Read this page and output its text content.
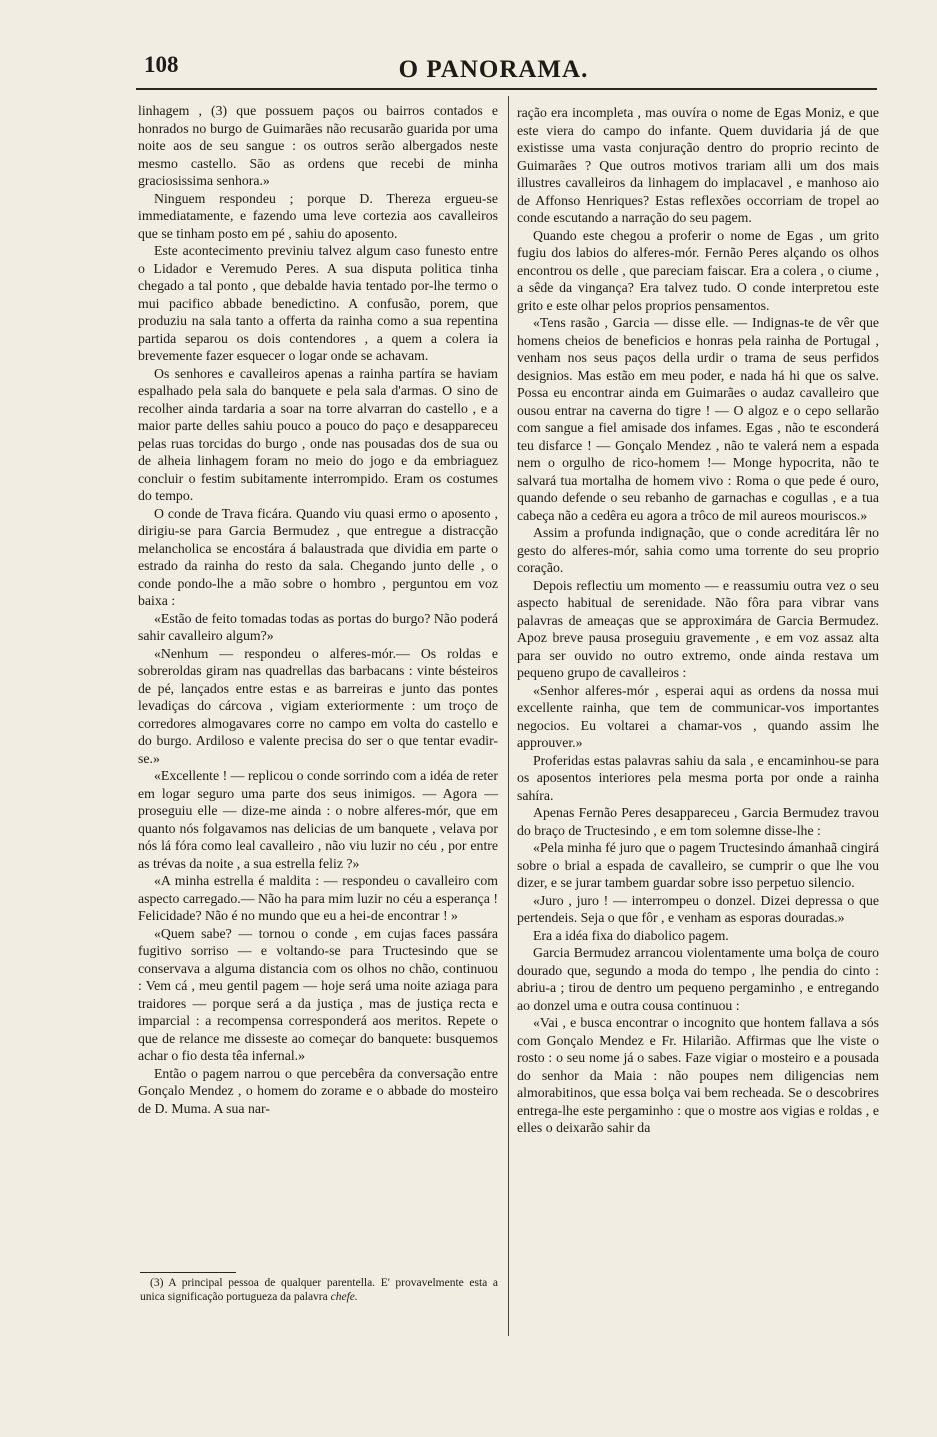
108	O PANORAMA.

linhagem , (3) que possuem paços ou bairros contados e honrados no burgo de Guimarães não recusarão guarida por uma noite aos de seu sangue : os outros serão albergados neste mesmo castello. Sāo as ordens que recebi de minha graciosissima senhora.»

Ninguem respondeu ; porque D. Thereza ergueu-se immediatamente, e fazendo uma leve cortezia aos cavalleiros que se tinham posto em pé , sahiu do aposento.

Este acontecimento previniu talvez algum caso funesto entre o Lidador e Veremudo Peres. A sua disputa politica tinha chegado a tal ponto , que debalde havia tentado por-lhe termo o mui pacifico abbade benedictino. A confusão, porem, que produziu na sala tanto a offerta da rainha como a sua repentina partida separou os dois contendores , a quem a colera ia brevemente fazer esquecer o logar onde se achavam.

Os senhores e cavalleiros apenas a rainha partíra se haviam espalhado pela sala do banquete e pela sala d'armas. O sino de recolher ainda tardaria a soar na torre alvarran do castello , e a maior parte delles sahiu pouco a pouco do paço e desappareceu pelas ruas torcidas do burgo , onde nas pousadas dos de sua ou de alheia linhagem foram no meio do jogo e da embriaguez concluir o festim subitamente interrompido. Eram os costumes do tempo.

O conde de Trava ficára. Quando viu quasi ermo o aposento , dirigiu-se para Garcia Bermudez , que entregue a distracção melancholica se encostára á balaustrada que dividia em parte o estrado da rainha do resto da sala. Chegando junto delle , o conde pondo-lhe a mão sobre o hombro , perguntou em voz baixa :

«Estão de feito tomadas todas as portas do burgo? Não poderá sahir cavalleiro algum?»

«Nenhum — respondeu o alferes-mór.— Os roldas e sobreroldas giram nas quadrellas das barbacans : vinte bésteiros de pé, lançados entre estas e as barreiras e junto das pontes levadiças do cárcova , vigiam exteriormente : um troço de corredores almogavares corre no campo em volta do castello e do burgo. Ardiloso e valente precisa do ser o que tentar evadir-se.»

«Excellente ! — replicou o conde sorrindo com a idéa de reter em logar seguro uma parte dos seus inimigos. — Agora — proseguiu elle — dize-me ainda : o nobre alferes-mór, que em quanto nós folgavamos nas delicias de um banquete , velava por nós lá fóra como leal cavalleiro , não viu luzir no céu , por entre as trévas da noite , a sua estrella feliz ?»

«A minha estrella é maldita : — respondeu o cavalleiro com aspecto carregado.— Não ha para mim luzir no céu a esperança ! Felicidade? Não é no mundo que eu a hei-de encontrar ! »

«Quem sabe? — tornou o conde , em cujas faces passára fugitivo sorriso — e voltando-se para Tructesindo que se conservava a alguma distancia com os olhos no chão, continuou : Vem cá , meu gentil pagem — hoje será uma noite aziaga para traidores — porque será a da justiça , mas de justiça recta e imparcial : a recompensa corresponderá aos meritos. Repete o que de relance me disseste ao começar do banquete: busquemos achar o fio desta têa infernal.»

Então o pagem narrou o que percebêra da conversação entre Gonçalo Mendez , o homem do zorame e o abbade do mosteiro de D. Muma. A sua nar-

(3) A principal pessoa de qualquer parentella. E' provavelmente esta a unica significação portugueza da palavra chefe.

ração era incompleta , mas ouvíra o nome de Egas Moniz, e que este viera do campo do infante. Quem duvidaria já de que existisse uma vasta conjuração dentro do proprio recinto de Guimarães ? Que outros motivos trariam alli um dos mais illustres cavalleiros da linhagem do implacavel , e manhoso aio de Affonso Henriques? Estas reflexões occorriam de tropel ao conde escutando a narração do seu pagem.

Quando este chegou a proferir o nome de Egas , um grito fugiu dos labios do alferes-mór. Fernão Peres alçando os olhos encontrou os delle , que pareciam faiscar. Era a colera , o ciume , a sêde da vingança? Era talvez tudo. O conde interpretou este grito e este olhar pelos proprios pensamentos.

«Tens rasão , Garcia — disse elle. — Indignas-te de vêr que homens cheios de beneficios e honras pela rainha de Portugal , venham nos seus paços della urdir o trama de seus perfidos designios. Mas estão em meu poder, e nada há hi que os salve. Possa eu encontrar ainda em Guimarães o audaz cavalleiro que ousou entrar na caverna do tigre ! — O algoz e o cepo sellarão com sangue a fiel amisade dos infames. Egas , não te esconderá teu disfarce ! — Gonçalo Mendez , não te valerá nem a espada nem o orgulho de rico-homem !— Monge hypocrita, não te salvará tua mortalha de homem vivo : Roma o que pede é ouro, quando defende o seu rebanho de garnachas e cogullas , e a tua cabeça não a cedêra eu agora a trôco de mil aureos mouriscos.»

Assim a profunda indignação, que o conde acreditára lêr no gesto do alferes-mór, sahia como uma torrente do seu proprio coração.

Depois reflectiu um momento — e reassumiu outra vez o seu aspecto habitual de serenidade. Não fôra para vibrar vans palavras de ameaças que se approximára de Garcia Bermudez. Apoz breve pausa proseguiu gravemente , e em voz assaz alta para ser ouvido no outro extremo, onde ainda restava um pequeno grupo de cavalleiros :

«Senhor alferes-mór , esperai aqui as ordens da nossa mui excellente rainha, que tem de communicar-vos importantes negocios. Eu voltarei a chamar-vos , quando assim lhe approuver.»

Proferidas estas palavras sahiu da sala , e encaminhou-se para os aposentos interiores pela mesma porta por onde a rainha sahíra.

Apenas Fernão Peres desappareceu , Garcia Bermudez travou do braço de Tructesindo , e em tom solemne disse-lhe :

«Pela minha fé juro que o pagem Tructesindo ámanhaã cingirá sobre o brial a espada de cavalleiro, se cumprir o que lhe vou dizer, e se jurar tambem guardar sobre isso perpetuo silencio.

«Juro , juro ! — interrompeu o donzel. Dizei depressa o que pertendeis. Seja o que fôr , e venham as esporas douradas.»

Era a idéa fixa do diabolico pagem.

Garcia Bermudez arrancou violentamente uma bolça de couro dourado que, segundo a moda do tempo , lhe pendia do cinto : abriu-a ; tirou de dentro um pequeno pergaminho , e entregando ao donzel uma e outra cousa continuou :

«Vai , e busca encontrar o incognito que hontem fallava a sós com Gonçalo Mendez e Fr. Hilarião. Affirmas que lhe viste o rosto : o seu nome já o sabes. Faze vigiar o mosteiro e a pousada do senhor da Maia : não poupes nem diligencias nem almorabitinos, que essa bolça vai bem recheada. Se o descobrires entrega-lhe este pergaminho : que o mostre aos vigias e roldas , e elles o deixarão sahir da
